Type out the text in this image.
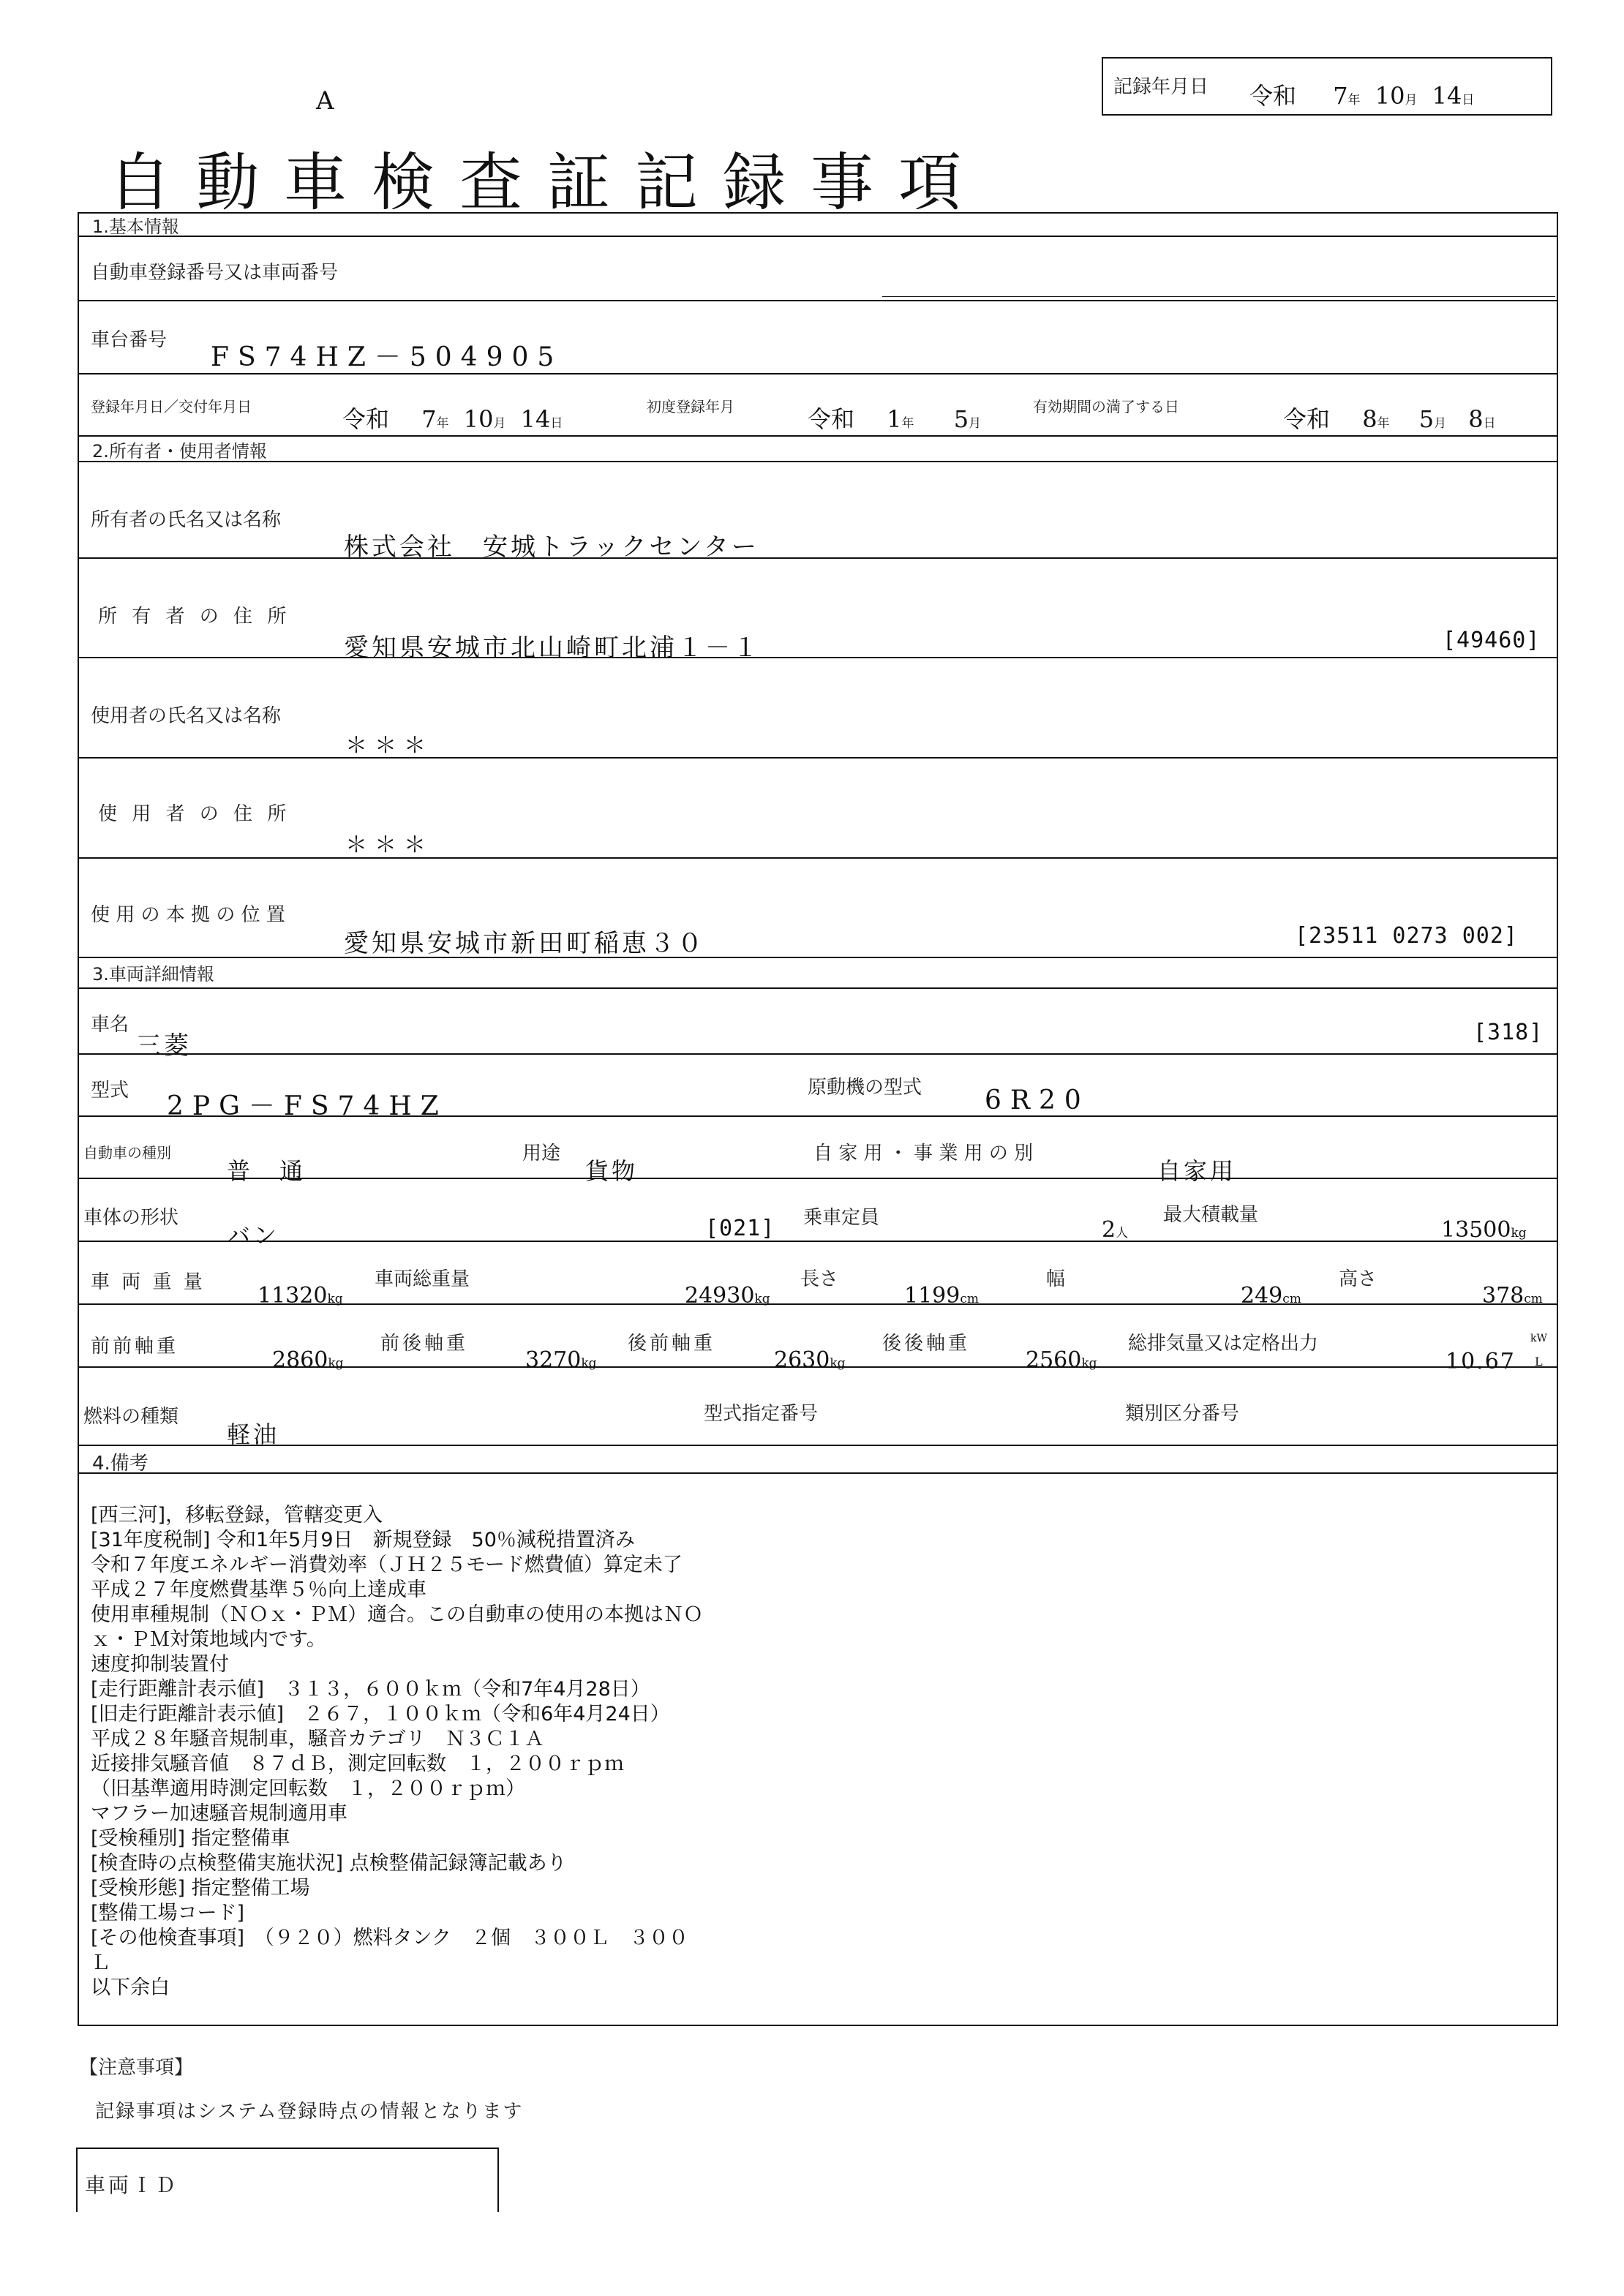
A
自動車検査証記録事項
記録年月日 令和 7年 10月 14日
1.基本情報
自動車登録番号又は車両番号
車台番号
FS74HZ－504905
登録年月日／交付年月日	令和 7年 10月 14日
初度登録年月	令和 1年 5月
有効期間の満了する日	令和 8年 5月 8日
2.所有者・使用者情報
所有者の氏名又は名称
株式会社　安城トラックセンター
所 有 者 の 住 所
愛知県安城市北山崎町北浦１－１	[49460]
使用者の氏名又は名称
＊＊＊
使 用 者 の 住 所
＊＊＊
使 用 の 本 拠 の 位 置
愛知県安城市新田町稲恵３０	[23511 0273 002]
3.車両詳細情報
車名
三菱	[318]
型式
2PG－FS74HZ
原動機の型式 6R20
自動車の種別
普　通
用途
貨物
自 家 用 ・ 事 業 用 の 別
自家用
車体の形状
バン	[021] 乗車定員	2人
最大積載量
13500kg
車 両 重 量
11320kg
車両総重量
24930kg
長さ
1199cm
幅
249cm
高さ
378cm
前前軸重
2860kg
前後軸重
3270kg
後前軸重
2630kg
後後軸重
2560kg
総排気量又は定格出力
10.67
kW
L
燃料の種類
軽油
型式指定番号	類別区分番号
4.備考
[西三河]，移転登録，管轄変更入
[31年度税制] 令和1年5月9日　新規登録　50％減税措置済み
令和７年度エネルギー消費効率（ＪＨ２５モード燃費値）算定未了
平成２７年度燃費基準５％向上達成車
使用車種規制（ＮＯｘ・ＰＭ）適合。この自動車の使用の本拠はＮＯ
ｘ・ＰＭ対策地域内です。
速度抑制装置付
[走行距離計表示値]　３１３，６００ｋｍ（令和7年4月28日）
[旧走行距離計表示値]　２６７，１００ｋｍ（令和6年4月24日）
平成２８年騒音規制車，騒音カテゴリ　Ｎ３Ｃ１Ａ
近接排気騒音値　８７ｄＢ，測定回転数　１，２００ｒｐｍ
（旧基準適用時測定回転数　１，２００ｒｐｍ）
マフラー加速騒音規制適用車
[受検種別] 指定整備車
[検査時の点検整備実施状況] 点検整備記録簿記載あり
[受検形態] 指定整備工場
[整備工場コード]
[その他検査事項]　（９２０）燃料タンク　２個　３００Ｌ　３００
Ｌ
以下余白
【注意事項】
記録事項はシステム登録時点の情報となります
車両ＩＤ
